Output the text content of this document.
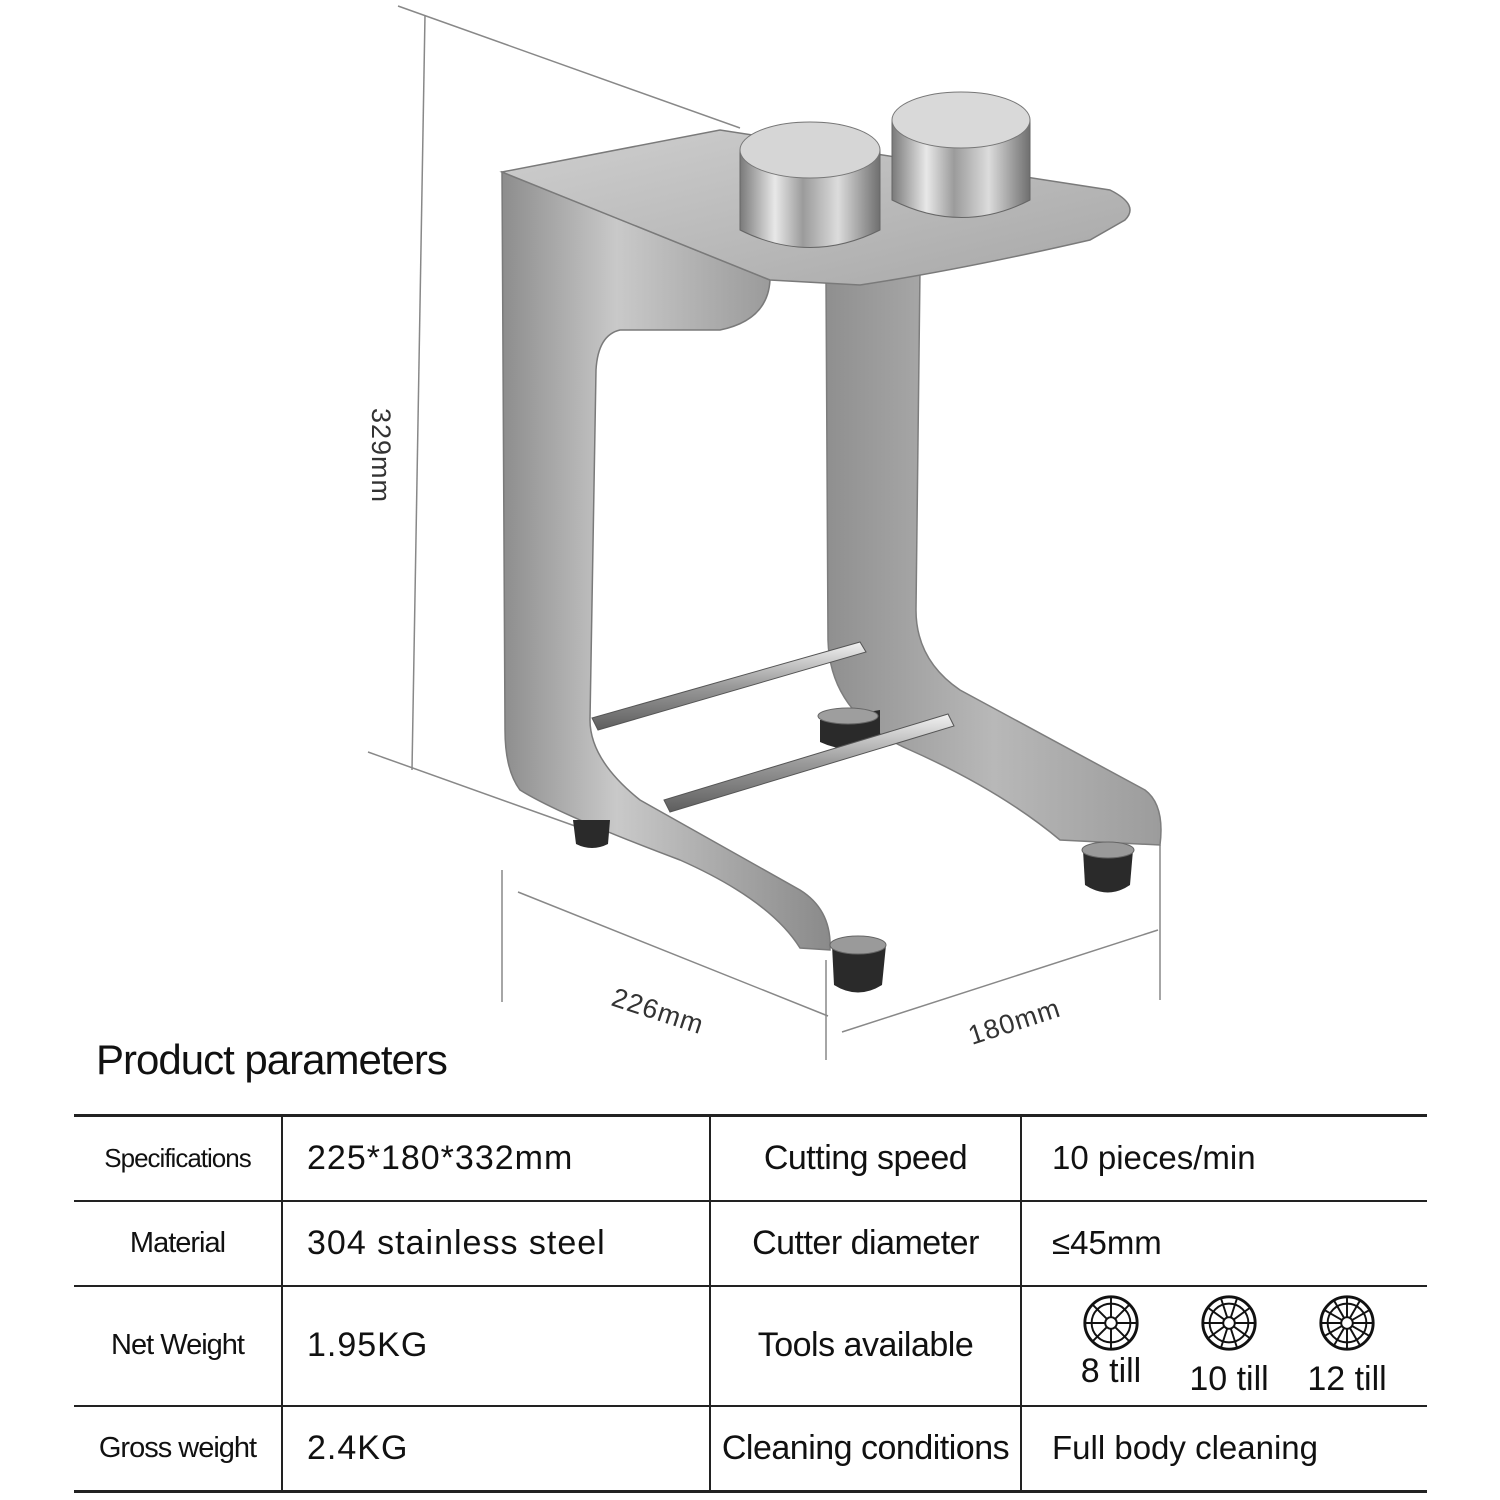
329mm
226mm	180mm
Product parameters
Specifications	225*180*332mm	Cutting speed	10 pieces/min
Material	304 stainless steel	Cutter diameter	≤45mm
Net Weight	1.95KG	Tools available	8 till 10 till 12 till

Gross weight	2.4KG	Cleaning conditions	Full body cleaning
